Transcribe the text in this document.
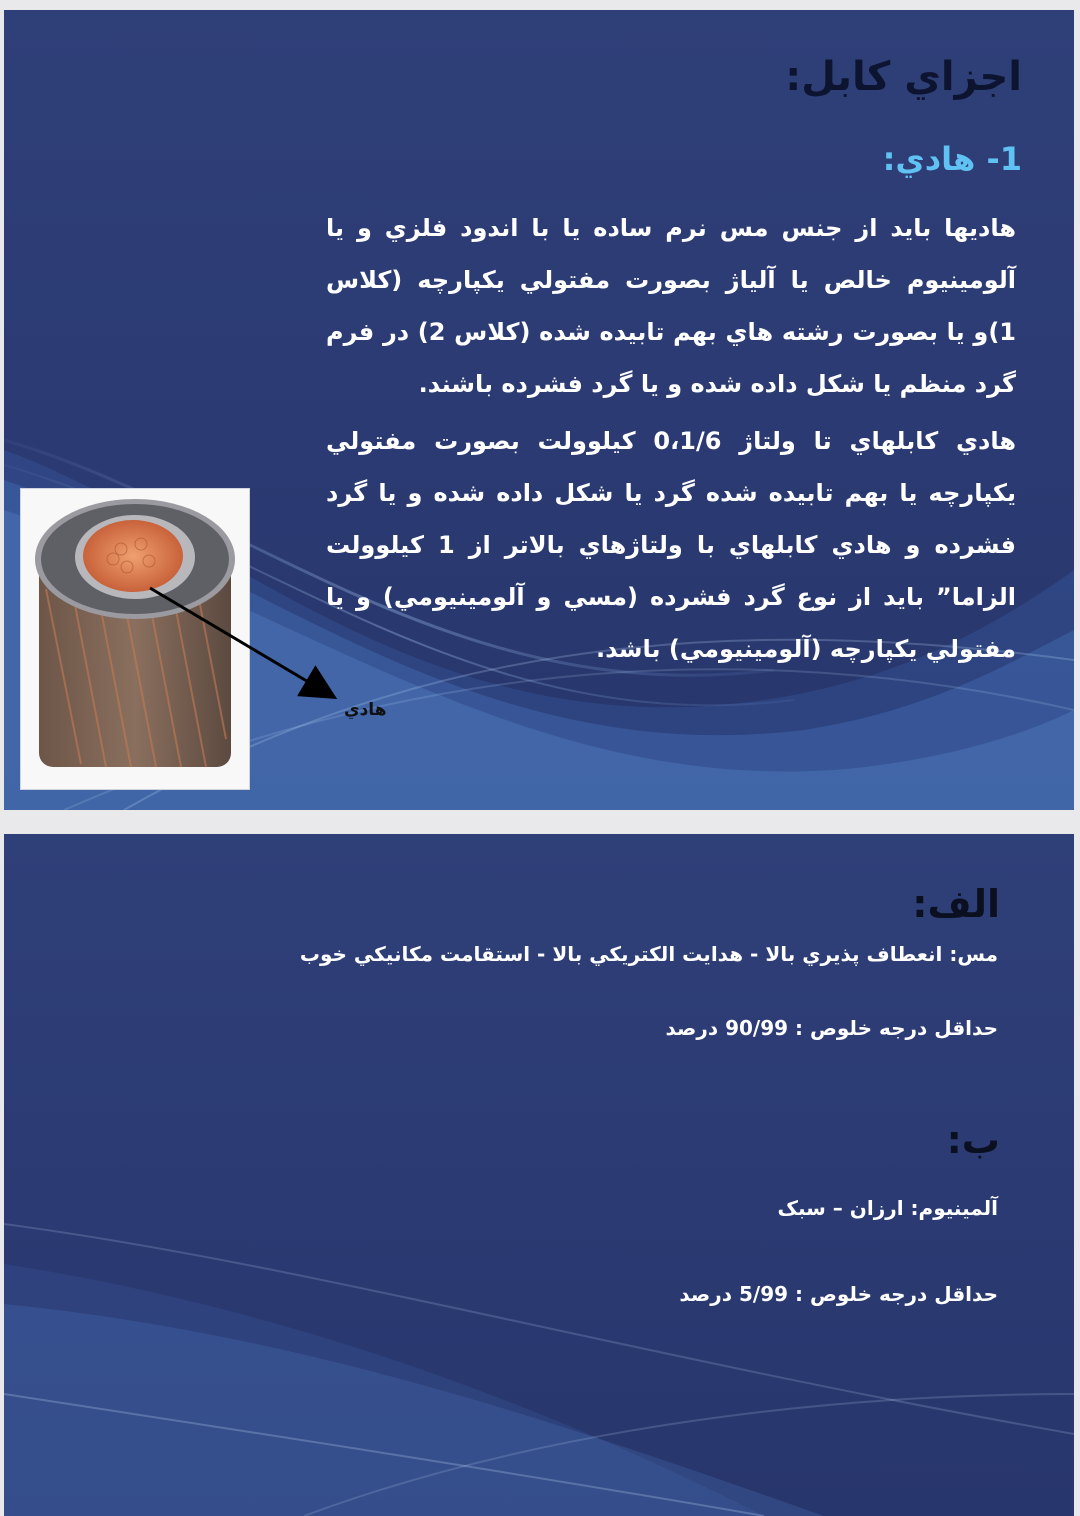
اجزاي كابل:
1- هادي:
هاديها بايد از جنس مس نرم ساده يا با اندود فلزي و يا آلومينيوم خالص يا آلياژ بصورت مفتولي يكپارچه (كلاس 1)و يا بصورت رشته هاي بهم تابيده شده (كلاس 2) در فرم گرد منظم يا شكل داده شده و يا گرد فشرده باشند.
هادي كابلهاي تا ولتاژ 0،1/6 كيلوولت بصورت مفتولي يكپارچه يا بهم تابيده شده گرد يا شكل داده شده و يا گرد فشرده و هادي كابلهاي با ولتاژهاي بالاتر از 1 كيلوولت الزاما” بايد از نوع گرد فشرده (مسي و آلومينيومي) و يا مفتولي يكپارچه (آلومينيومي) باشد.
هادي
الف:
مس: انعطاف پذيري بالا - هدايت الكتريكي بالا - استقامت مكانيكي خوب
حداقل درجه خلوص : 90/99 درصد
ب:
آلمینیوم: ارزان – سبک
حداقل درجه خلوص : 5/99 درصد
